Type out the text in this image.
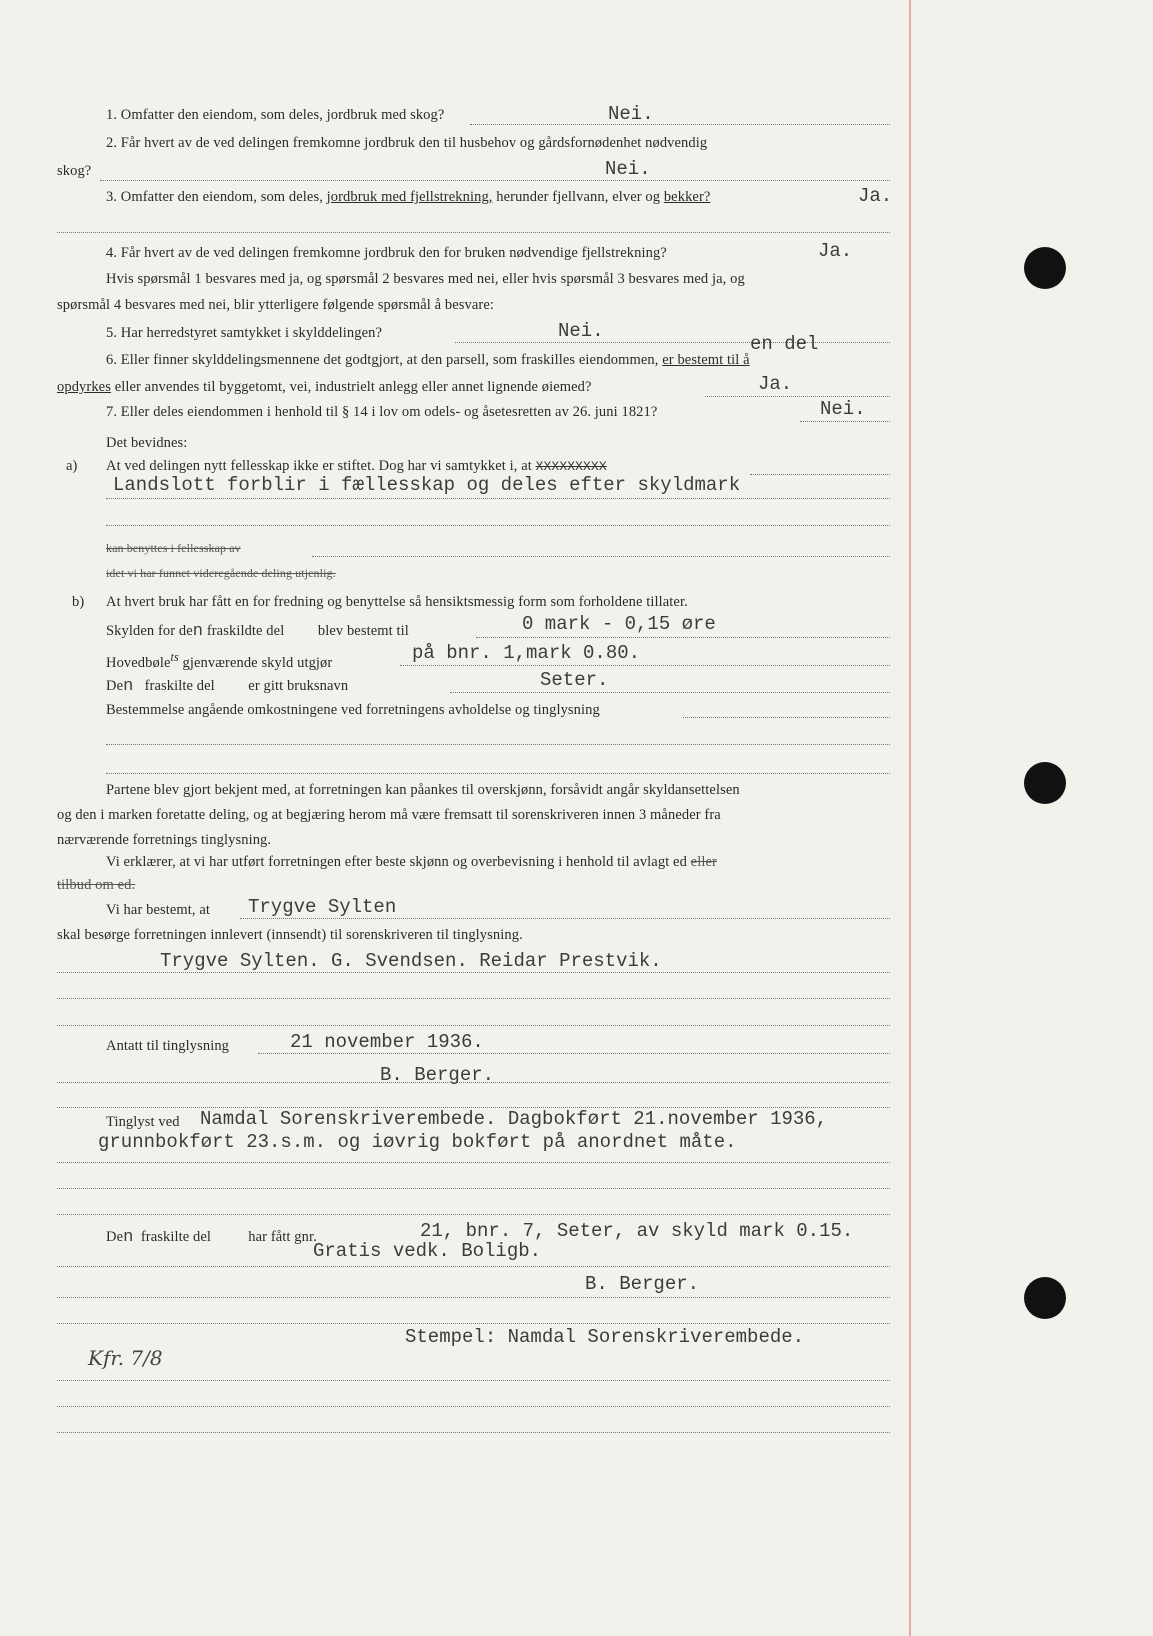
1. Omfatter den eiendom, som deles, jordbruk med skog?	Nei.
2. Får hvert av de ved delingen fremkomne jordbruk den til husbehov og gårdsfornødenhet nødvendig
skog?	Nei.
3. Omfatter den eiendom, som deles, jordbruk med fjellstrekning, herunder fjellvann, elver og bekker?	Ja.
4. Får hvert av de ved delingen fremkomne jordbruk den for bruken nødvendige fjellstrekning?	Ja.
Hvis spørsmål 1 besvares med ja, og spørsmål 2 besvares med nei, eller hvis spørsmål 3 besvares med ja, og
spørsmål 4 besvares med nei, blir ytterligere følgende spørsmål å besvare:
5. Har herredstyret samtykket i skylddelingen?	Nei.
en del
6. Eller finner skylddelingsmennene det godtgjort, at den parsell, som fraskilles eiendommen, er bestemt til å
opdyrkes eller anvendes til byggetomt, vei, industrielt anlegg eller annet lignende øiemed?	Ja.
7. Eller deles eiendommen i henhold til § 14 i lov om odels- og åsetesretten av 26. juni 1821?	Nei.
Det bevidnes:
a) At ved delingen nytt fellesskap ikke er stiftet. Dog har vi samtykket i, at XXXXXXXXX
Landslott forblir i fællesskap og deles efter skyldmark
kan benyttes i fellesskap av
idet vi har funnet videregående deling utjenlig.
b) At hvert bruk har fått en for fredning og benyttelse så hensiktsmessig form som forholdene tillater.
Skylden for den fraskildte del blev bestemt til	0 mark - 0,15 øre
Hovedbøle$^{ts}$ gjenværende skyld utgjør	på bnr. 1,mark 0.80.
Den fraskilte del er gitt bruksnavn	Seter.
Bestemmelse angående omkostningene ved forretningens avholdelse og tinglysning
Partene blev gjort bekjent med, at forretningen kan påankes til overskjønn, forsåvidt angår skyldansettelsen
og den i marken foretatte deling, og at begjæring herom må være fremsatt til sorenskriveren innen 3 måneder fra
nærværende forretnings tinglysning.
Vi erklærer, at vi har utført forretningen efter beste skjønn og overbevisning i henhold til avlagt ed eller
tilbud om ed.
Vi har bestemt, at Trygve Sylten
skal besørge forretningen innlevert (innsendt) til sorenskriveren til tinglysning.
Trygve Sylten. G. Svendsen. Reidar Prestvik.
Antatt til tinglysning	21 november 1936.
B. Berger.
Tinglyst ved Namdal Sorenskriverembede. Dagbokført 21.november 1936,
grunnbokført 23.s.m. og iøvrig bokført på anordnet måte.
Den fraskilte del	har fått gnr.	21, bnr. 7, Seter, av skyld mark 0.15.
Gratis vedk. Boligb.
B. Berger.
Stempel: Namdal Sorenskriverembede.
Kfr. 7/8
